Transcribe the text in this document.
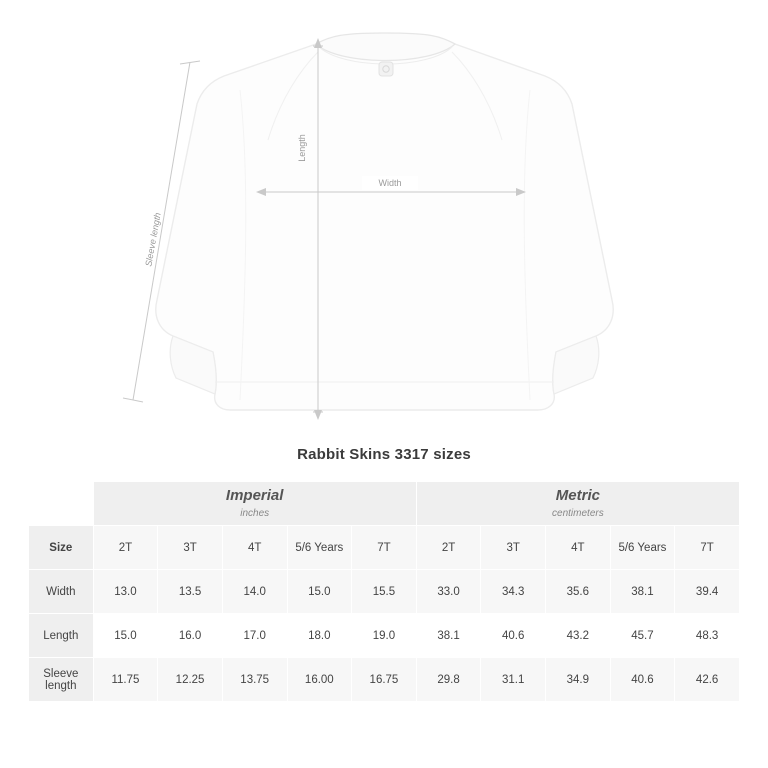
Sleeve length
Length
Width

Rabbit Skins 3317 sizes

Imperial
inches

Metric
centimeters

Size	2T	3T	4T	5/6 Years	7T	2T	3T	4T	5/6 Years	7T
Width	13.0	13.5	14.0	15.0	15.5	33.0	34.3	35.6	38.1	39.4
Length	15.0	16.0	17.0	18.0	19.0	38.1	40.6	43.2	45.7	48.3
Sleeve length	11.75	12.25	13.75	16.00	16.75	29.8	31.1	34.9	40.6	42.6
